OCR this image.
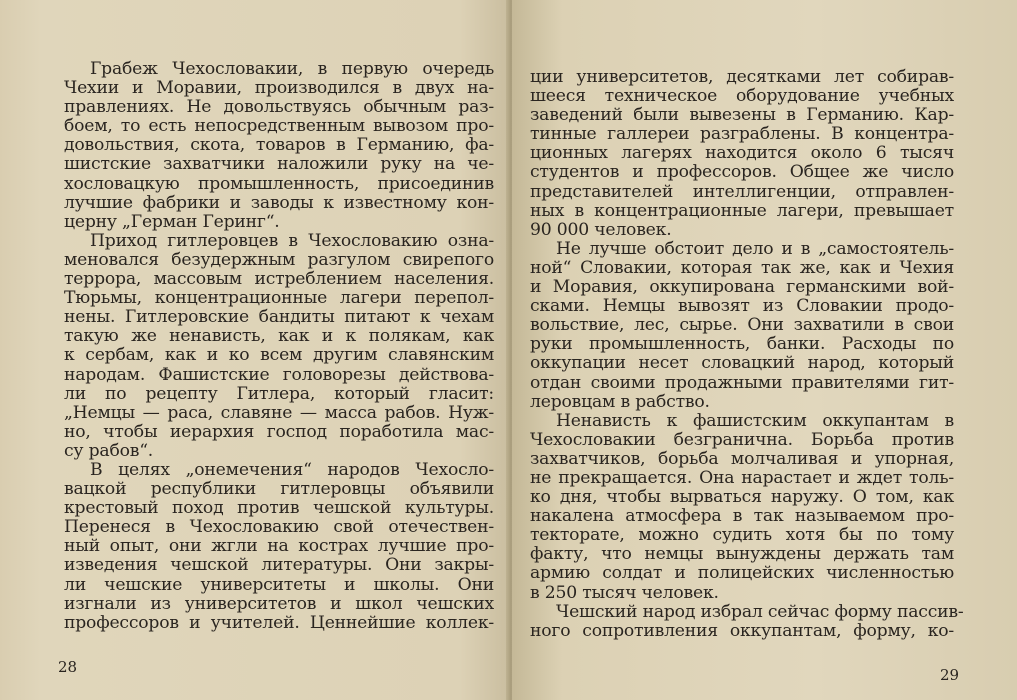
Грабеж Чехословакии, в первую очередь
Чехии и Моравии, производился в двух на-
правлениях. Не довольствуясь обычным раз-
боем, то есть непосредственным вывозом про-
довольствия, скота, товаров в Германию, фа-
шистские захватчики наложили руку на че-
хословацкую промышленность, присоединив
лучшие фабрики и заводы к известному кон-
церну „Герман Геринг“.
Приход гитлеровцев в Чехословакию озна-
меновался безудержным разгулом свирепого
террора, массовым истреблением населения.
Тюрьмы, концентрационные лагери перепол-
нены. Гитлеровские бандиты питают к чехам
такую же ненависть, как и к полякам, как
к сербам, как и ко всем другим славянским
народам. Фашистские головорезы действова-
ли по рецепту Гитлера, который гласит:
„Немцы — раса, славяне — масса рабов. Нуж-
но, чтобы иерархия господ поработила мас-
су рабов“.
В целях „онемечения“ народов Чехосло-
вацкой республики гитлеровцы объявили
крестовый поход против чешской культуры.
Перенеся в Чехословакию свой отечествен-
ный опыт, они жгли на кострах лучшие про-
изведения чешской литературы. Они закры-
ли чешские университеты и школы. Они
изгнали из университетов и школ чешских
профессоров и учителей. Ценнейшие коллек-
28
ции университетов, десятками лет собирав-
шееся техническое оборудование учебных
заведений были вывезены в Германию. Кар-
тинные галлереи разграблены. В концентра-
ционных лагерях находится около 6 тысяч
студентов и профессоров. Общее же число
представителей интеллигенции, отправлен-
ных в концентрационные лагери, превышает
90 000 человек.
Не лучше обстоит дело и в „самостоятель-
ной“ Словакии, которая так же, как и Чехия
и Моравия, оккупирована германскими вой-
сками. Немцы вывозят из Словакии продо-
вольствие, лес, сырье. Они захватили в свои
руки промышленность, банки. Расходы по
оккупации несет словацкий народ, который
отдан своими продажными правителями гит-
леровцам в рабство.
Ненависть к фашистским оккупантам в
Чехословакии безгранична. Борьба против
захватчиков, борьба молчаливая и упорная,
не прекращается. Она нарастает и ждет толь-
ко дня, чтобы вырваться наружу. О том, как
накалена атмосфера в так называемом про-
текторате, можно судить хотя бы по тому
факту, что немцы вынуждены держать там
армию солдат и полицейских численностью
в 250 тысяч человек.
Чешский народ избрал сейчас форму пассив-
ного сопротивления оккупантам, форму, ко-
29
